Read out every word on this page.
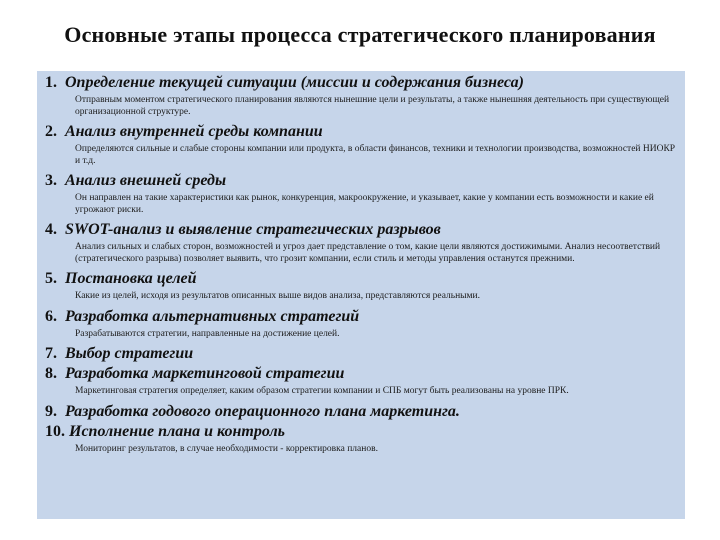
Основные этапы процесса стратегического планирования
1. Определение текущей ситуации (миссии и содержания бизнеса)
Отправным моментом стратегического планирования являются нынешние цели и результаты, а также нынешняя деятельность при существующей организационной структуре.
2. Анализ внутренней среды компании
Определяются сильные и слабые стороны компании или продукта, в области финансов, техники и технологии производства, возможностей НИОКР и т.д.
3. Анализ внешней среды
Он направлен на такие характеристики как рынок, конкуренция, макроокружение, и указывает, какие у компании есть возможности и какие ей угрожают риски.
4. SWOT-анализ и выявление стратегических разрывов
Анализ сильных и слабых сторон, возможностей и угроз дает представление о том, какие цели являются достижимыми. Анализ несоответствий (стратегического разрыва) позволяет выявить, что грозит компании, если стиль и методы управления останутся прежними.
5. Постановка целей
Какие из целей, исходя из результатов описанных выше видов анализа, представляются реальными.
6. Разработка альтернативных стратегий
Разрабатываются стратегии, направленные на достижение целей.
7. Выбор стратегии
8. Разработка маркетинговой стратегии
Маркетинговая стратегия определяет, каким образом стратегии компании и СПБ могут быть реализованы на уровне ПРК.
9. Разработка годового операционного плана маркетинга.
10. Исполнение плана и контроль
Мониторинг результатов, в случае необходимости - корректировка планов.
